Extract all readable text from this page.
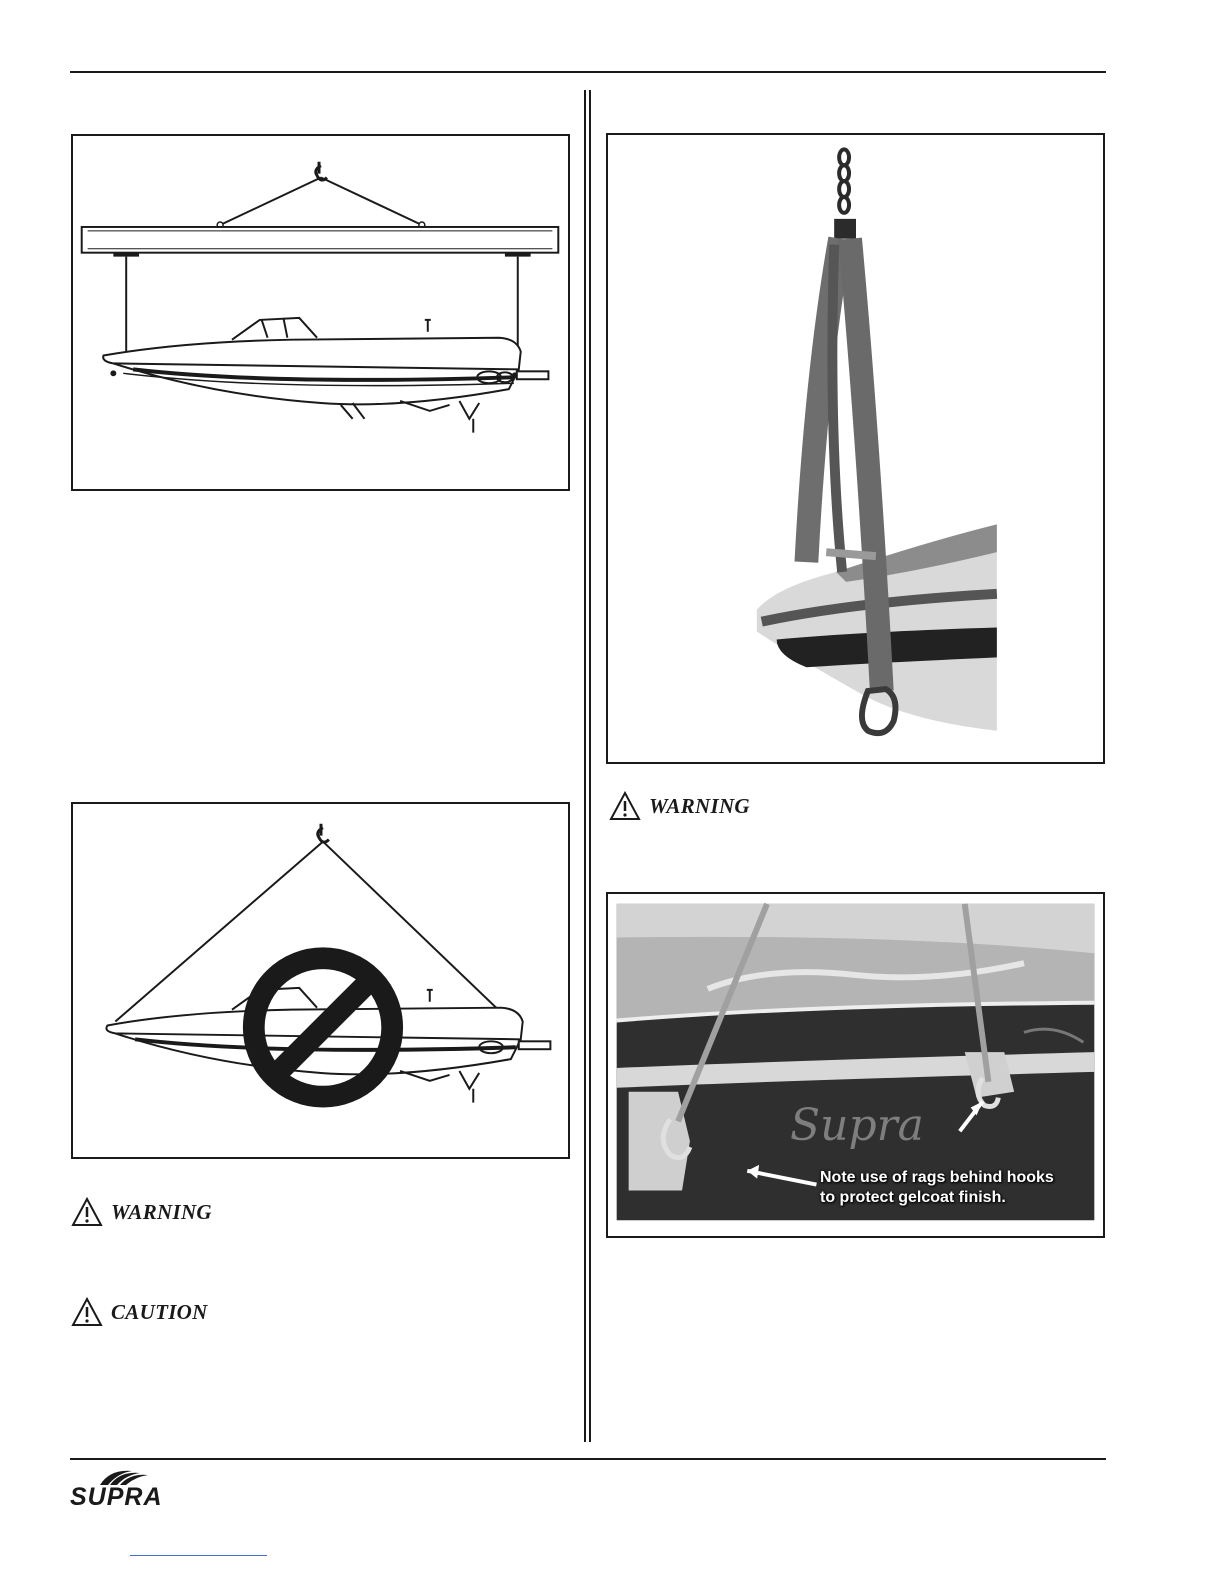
WARNING
CAUTION
WARNING
Supra
Note use of rags behind hooks
to protect gelcoat finish.
SUPRA
